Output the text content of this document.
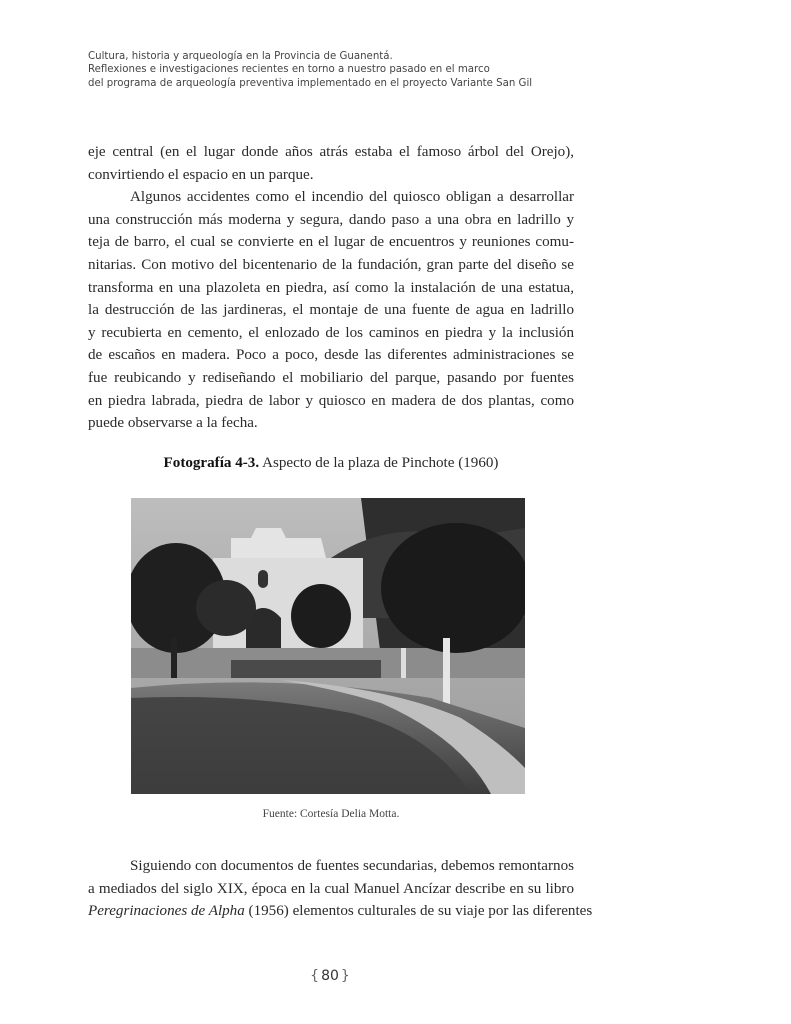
Cultura, historia y arqueología en la Provincia de Guanentá.
Reflexiones e investigaciones recientes en torno a nuestro pasado en el marco
del programa de arqueología preventiva implementado en el proyecto Variante San Gil
eje central (en el lugar donde años atrás estaba el famoso árbol del Orejo),
convirtiendo el espacio en un parque.
Algunos accidentes como el incendio del quiosco obligan a desarrollar
una construcción más moderna y segura, dando paso a una obra en ladrillo y
teja de barro, el cual se convierte en el lugar de encuentros y reuniones comu-
nitarias. Con motivo del bicentenario de la fundación, gran parte del diseño se
transforma en una plazoleta en piedra, así como la instalación de una estatua,
la destrucción de las jardineras, el montaje de una fuente de agua en ladrillo
y recubierta en cemento, el enlozado de los caminos en piedra y la inclusión
de escaños en madera. Poco a poco, desde las diferentes administraciones se
fue reubicando y rediseñando el mobiliario del parque, pasando por fuentes
en piedra labrada, piedra de labor y quiosco en madera de dos plantas, como
puede observarse a la fecha.
Fotografía 4-3. Aspecto de la plaza de Pinchote (1960)
Fuente: Cortesía Delia Motta.
Siguiendo con documentos de fuentes secundarias, debemos remontarnos
a mediados del siglo XIX, época en la cual Manuel Ancízar describe en su libro
Peregrinaciones de Alpha (1956) elementos culturales de su viaje por las diferentes
{ 80 }
